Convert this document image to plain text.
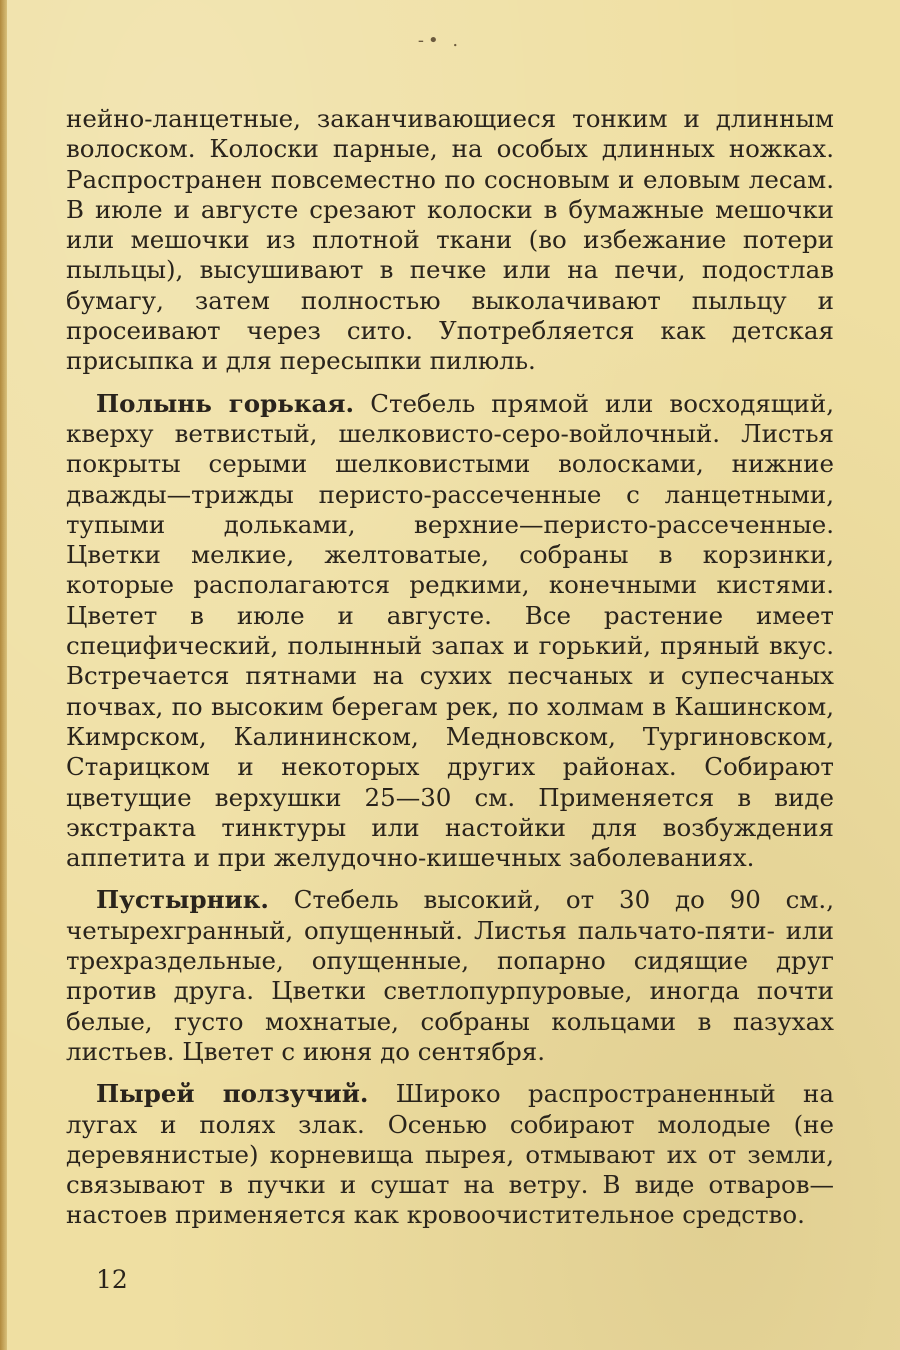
-• .

нейно-ланцетные, заканчивающиеся тонким и длинным волоском. Колоски парные, на особых длинных ножках. Распространен повсеместно по сосновым и еловым лесам. В июле и августе срезают колоски в бумажные мешочки или мешочки из плотной ткани (во избежание потери пыльцы), высушивают в печке или на печи, подостлав бумагу, затем полностью выколачивают пыльцу и просеивают через сито. Употребляется как детская присыпка и для пересыпки пилюль.

Полынь горькая. Стебель прямой или восходящий, кверху ветвистый, шелковисто-серо-войлочный. Листья покрыты серыми шелковистыми волосками, нижние дважды—трижды перисто-рассеченные с ланцетными, тупыми дольками, верхние—перисто-рассеченные. Цветки мелкие, желтоватые, собраны в корзинки, которые располагаются редкими, конечными кистями. Цветет в июле и августе. Все растение имеет специфический, полынный запах и горький, пряный вкус. Встречается пятнами на сухих песчаных и супесчаных почвах, по высоким берегам рек, по холмам в Кашинском, Кимрском, Калининском, Медновском, Тургиновском, Старицком и некоторых других районах. Собирают цветущие верхушки 25—30 см. Применяется в виде экстракта тинктуры или настойки для возбуждения аппетита и при желудочно-кишечных заболеваниях.

Пустырник. Стебель высокий, от 30 до 90 см., четырехгранный, опущенный. Листья пальчато-пяти- или трехраздельные, опущенные, попарно сидящие друг против друга. Цветки светлопурпуровые, иногда почти белые, густо мохнатые, собраны кольцами в пазухах листьев. Цветет с июня до сентября.

Пырей ползучий. Широко распространенный на лугах и полях злак. Осенью собирают молодые (не деревянистые) корневища пырея, отмывают их от земли, связывают в пучки и сушат на ветру. В виде отваров—настоев применяется как кровоочистительное средство.

12
